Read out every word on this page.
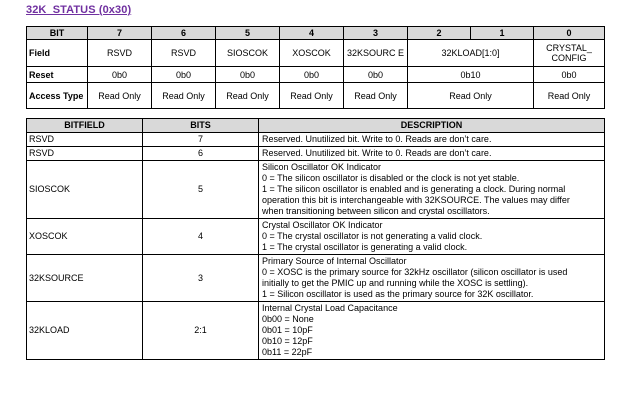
32K_STATUS (0x30)
BIT	7	6	5	4	3	2	1	0
Field	RSVD	RSVD	SIOSCOK	XOSCOK	32KSOURC E	32KLOAD[1:0]		CRYSTAL_ CONFIG
Reset	0b0	0b0	0b0	0b0	0b0	0b10		0b0
Access Type	Read Only	Read Only	Read Only	Read Only	Read Only	Read Only		Read Only
BITFIELD	BITS	DESCRIPTION
RSVD	7	Reserved. Unutilized bit. Write to 0. Reads are don’t care.

RSVD	6	Reserved. Unutilized bit. Write to 0. Reads are don’t care.

SIOSCOK	5	Silicon Oscillator OK Indicator
0 = The silicon oscillator is disabled or the clock is not yet stable.
1 = The silicon oscillator is enabled and is generating a clock. During normal
operation this bit is interchangeable with 32KSOURCE. The values may differ
when transitioning between silicon and crystal oscillators.

XOSCOK	4	Crystal Oscillator OK Indicator
0 = The crystal oscillator is not generating a valid clock.
1 = The crystal oscillator is generating a valid clock.

32KSOURCE	3	Primary Source of Internal Oscillator
0 = XOSC is the primary source for 32kHz oscillator (silicon oscillator is used
initially to get the PMIC up and running while the XOSC is settling).
1 = Silicon oscillator is used as the primary source for 32K oscillator.

32KLOAD	2:1	Internal Crystal Load Capacitance
0b00 = None
0b01 = 10pF
0b10 = 12pF
0b11 = 22pF
